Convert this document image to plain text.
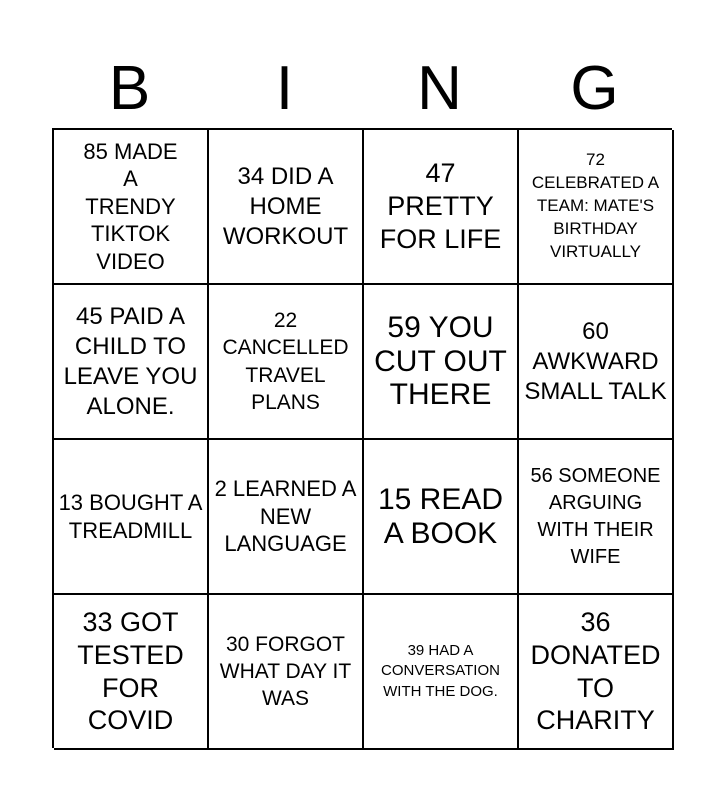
B	I	N	G
85 MADE A TRENDY TIKTOK VIDEO
34 DID A HOME WORKOUT
47 PRETTY FOR LIFE
72 CELEBRATED A TEAM: MATE'S BIRTHDAY VIRTUALLY
45 PAID A CHILD TO LEAVE YOU ALONE.
22 CANCELLED TRAVEL PLANS
59 YOU CUT OUT THERE
60 AWKWARD SMALL TALK
13 BOUGHT A TREADMILL
2 LEARNED A NEW LANGUAGE
15 READ A BOOK
56 SOMEONE ARGUING WITH THEIR WIFE
33 GOT TESTED FOR COVID
30 FORGOT WHAT DAY IT WAS
39 HAD A CONVERSATION WITH THE DOG.
36 DONATED TO CHARITY
